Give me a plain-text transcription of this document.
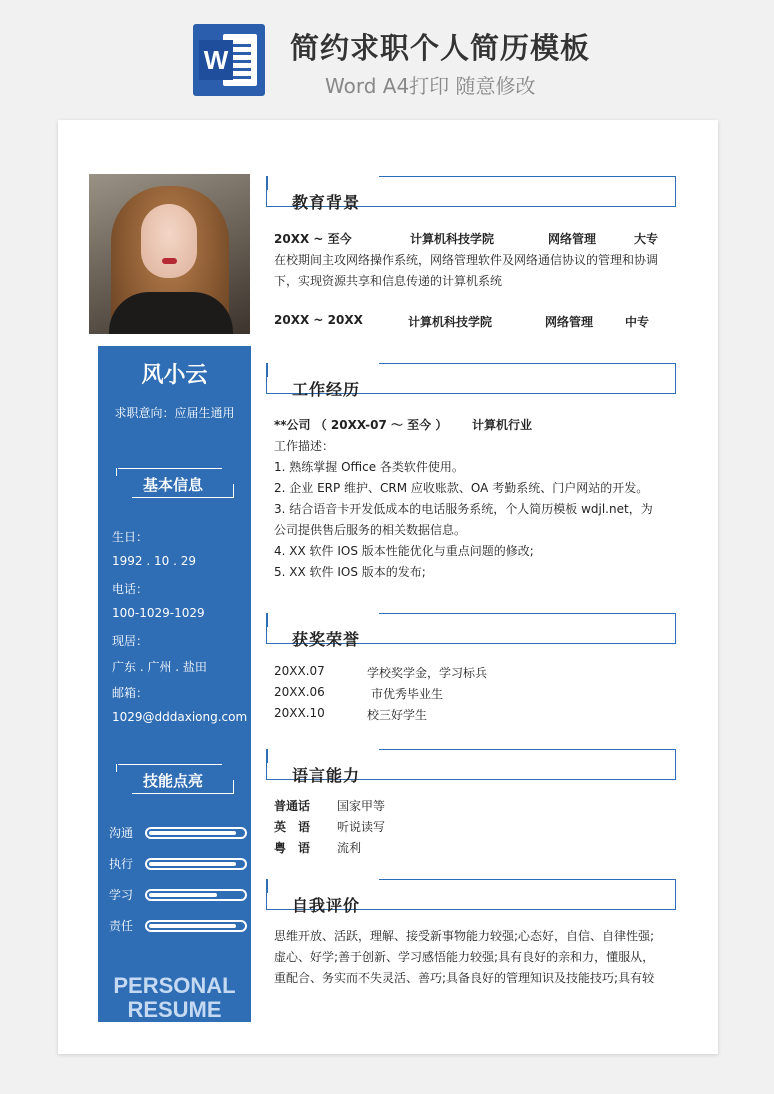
W 简约求职个人简历模板
Word A4打印 随意修改
风小云
求职意向：应届生通用
基本信息
生日：
1992 . 10 . 29
电话：
100-1029-1029
现居：
广东 . 广州 . 盐田
邮箱：
1029@dddaxiong.com
技能点亮
沟通
执行
学习
责任
PERSONAL
RESUME
教育背景
20XX ~ 至今	计算机科技学院	网络管理	大专
在校期间主攻网络操作系统，网络管理软件及网络通信协议的管理和协调
下，实现资源共享和信息传递的计算机系统
20XX ~ 20XX	计算机科技学院	网络管理	中专
工作经历
**公司 （ 20XX-07 ～ 至今 ） 计算机行业
工作描述：
1. 熟练掌握 Office 各类软件使用。
2. 企业 ERP 维护、CRM 应收账款、OA 考勤系统、门户网站的开发。
3. 结合语音卡开发低成本的电话服务系统，个人简历模板 wdjl.net，为
公司提供售后服务的相关数据信息。
4. XX 软件 IOS 版本性能优化与重点问题的修改;
5. XX 软件 IOS 版本的发布;
获奖荣誉
20XX.07	学校奖学金，学习标兵
20XX.06	市优秀毕业生
20XX.10	校三好学生
语言能力
普通话 国家甲等
英　语 听说读写
粤　语 流利
自我评价
思维开放、活跃，理解、接受新事物能力较强;心态好，自信、自律性强;
虚心、好学;善于创新、学习感悟能力较强;具有良好的亲和力，懂服从，
重配合、务实而不失灵活、善巧;具备良好的管理知识及技能技巧;具有较
